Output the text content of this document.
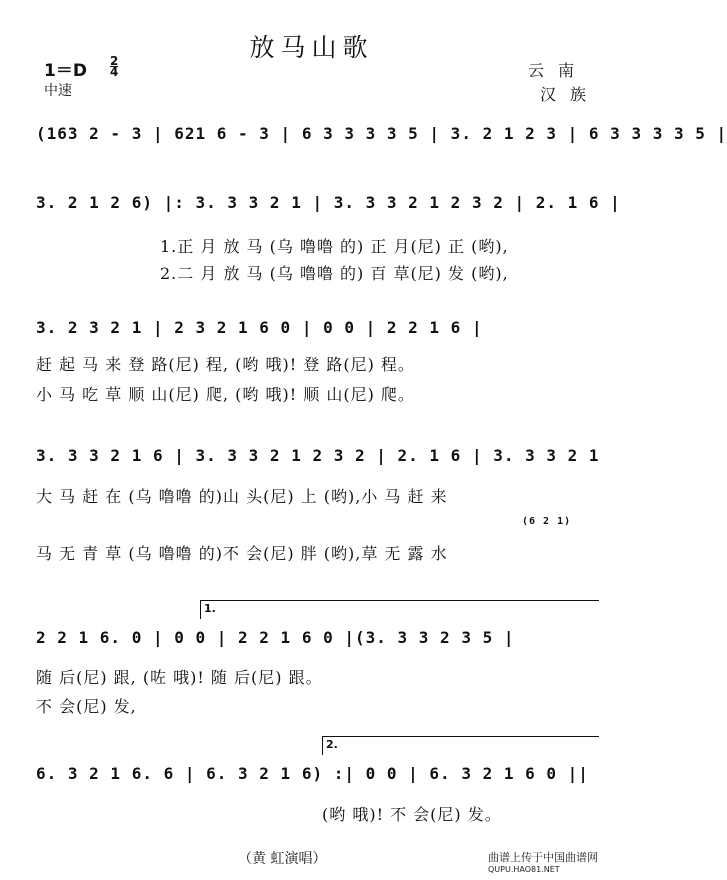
放马山歌
1＝D 2
4
中速
云南
汉族
(163 2 - 3 | 621 6 - 3 | 6 3 3 3 3 5 | 3. 2 1 2 3 | 6 3 3 3 3 5 |
3. 2 1 2 6) |: 3. 3 3 2 1 | 3. 3 3 2 1 2 3 2 | 2. 1 6 |
1.正 月 放 马 (乌 噜噜 的) 正 月(尼) 正 (哟),
2.二 月 放 马 (乌 噜噜 的) 百 草(尼) 发 (哟),
3. 2 3 2 1 | 2 3 2 1 6 0 | 0 0 | 2 2 1 6 |
赶 起 马 来 登 路(尼) 程, (哟 哦)! 登 路(尼) 程。
小 马 吃 草 顺 山(尼) 爬, (哟 哦)! 顺 山(尼) 爬。
3. 3 3 2 1 6 | 3. 3 3 2 1 2 3 2 | 2. 1 6 | 3. 3 3 2 1
大 马 赶 在 (乌 噜噜 的)山 头(尼) 上 (哟),小 马 赶 来
(6 2 1)
马 无 青 草 (乌 噜噜 的)不 会(尼) 胖 (哟),草 无 露 水
1.
2 2 1 6. 0 | 0 0 | 2 2 1 6 0 |(3. 3 3 2 3 5 |
随 后(尼) 跟, (咗 哦)! 随 后(尼) 跟。
不 会(尼) 发,
2.
6. 3 2 1 6. 6 | 6. 3 2 1 6) :| 0 0 | 6. 3 2 1 6 0 ||
(哟 哦)! 不 会(尼) 发。
（黄 虹演唱）	曲谱上传于中国曲谱网
QUPU.HAO81.NET
